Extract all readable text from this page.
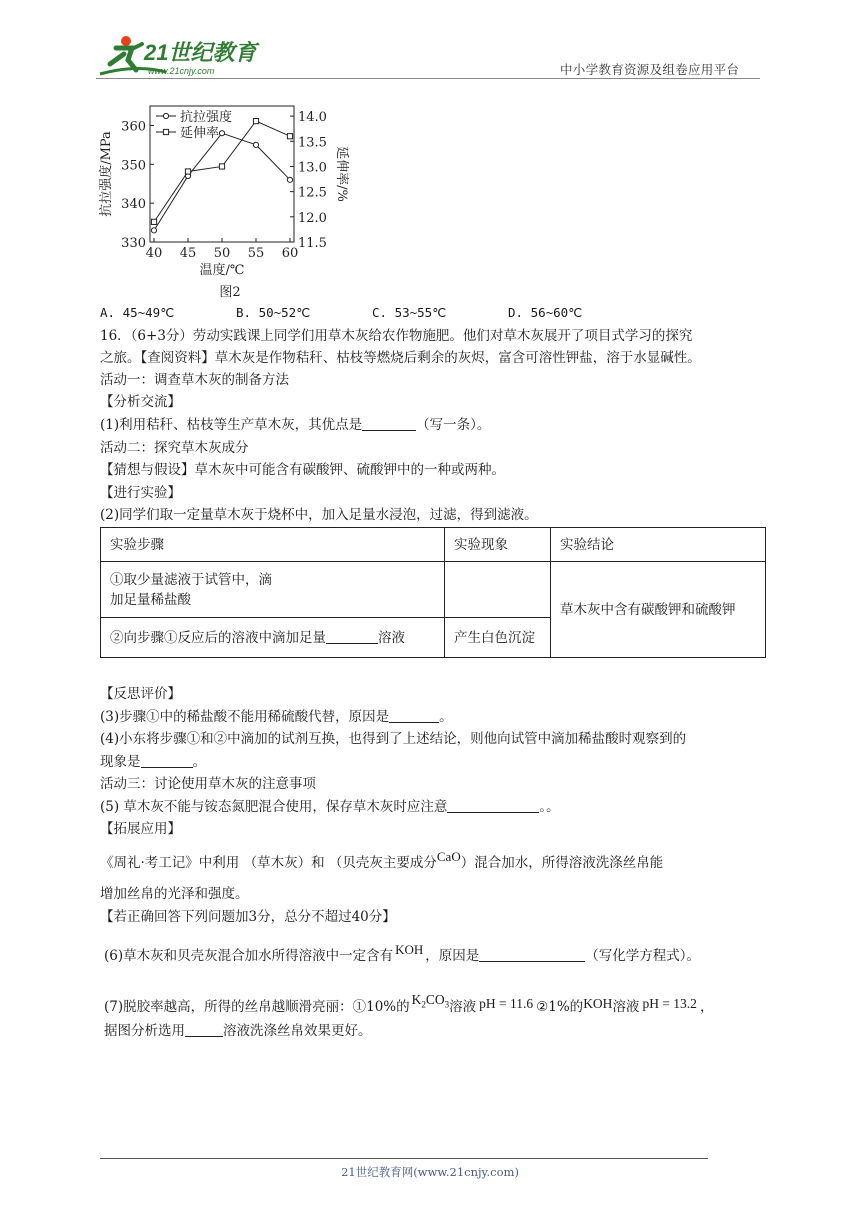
21世纪教育
www.21cnjy.com	中小学教育资源及组卷应用平台
40 45 50 55 60
330
340
350
360
11.5
12.0
12.5
13.0
13.5
14.0
温度/℃
抗拉强度/MPa	延伸率/%
图2
抗拉强度
延伸率
A. 45~49℃	B. 50~52℃	C. 53~55℃	D. 56~60℃
16．（6+3分）劳动实践课上同学们用草木灰给农作物施肥。他们对草木灰展开了项目式学习的探究
之旅。【查阅资料】草木灰是作物秸秆、枯枝等燃烧后剩余的灰烬，富含可溶性钾盐，溶于水显碱性。
活动一：调查草木灰的制备方法
【分析交流】
(1)利用秸秆、枯枝等生产草木灰，其优点是	（写一条）。
活动二：探究草木灰成分
【猜想与假设】草木灰中可能含有碳酸钾、硫酸钾中的一种或两种。
【进行实验】
(2)同学们取一定量草木灰于烧杯中，加入足量水浸泡，过滤，得到滤液。
实验步骤	实验现象	实验结论

①取少量滤液于试管中，滴
加足量稀盐酸		草木灰中含有碳酸钾和硫酸钾
②向步骤①反应后的溶液中滴加足量 溶液	产生白色沉淀	
【反思评价】
(3)步骤①中的稀盐酸不能用稀硫酸代替，原因是	。
(4)小东将步骤①和②中滴加的试剂互换，也得到了上述结论，则他向试管中滴加稀盐酸时观察到的
现象是	。
活动三：讨论使用草木灰的注意事项
(5) 草木灰不能与铵态氮肥混合使用，保存草木灰时应注意	。。
【拓展应用】
《周礼·考工记》中利用 （草木灰）和 （贝壳灰主要成分CaO）混合加水，所得溶液洗涤丝帛能
增加丝帛的光泽和强度。
【若正确回答下列问题加3分，总分不超过40分】
(6)草木灰和贝壳灰混合加水所得溶液中一定含有 KOH ，原因是	（写化学方程式）。
(7)脱胶率越高，所得的丝帛越顺滑亮丽：①10%的 $K_2CO_3$溶液 pH = 11.6 ②1%的KOH溶液 pH = 13.2 ，
据图分析选用	溶液洗涤丝帛效果更好。
21世纪教育网(www.21cnjy.com)
